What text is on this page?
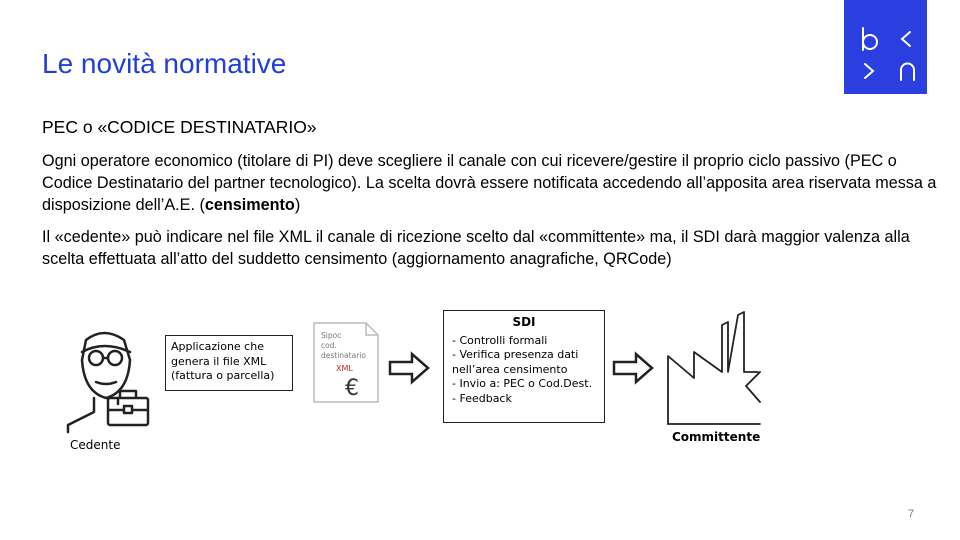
Le novità normative
PEC o «CODICE DESTINATARIO»
Ogni operatore economico (titolare di PI) deve scegliere il canale con cui ricevere/gestire il proprio ciclo passivo (PEC o Codice Destinatario del partner tecnologico). La scelta dovrà essere notificata accedendo all’apposita area riservata messa a disposizione dell’A.E. (censimento)
Il «cedente» può indicare nel file XML il canale di ricezione scelto dal «committente» ma, il SDI darà maggior valenza alla scelta effettuata all’atto del suddetto censimento (aggiornamento anagrafiche, QRCode)
Sipoc
cod.
destinatario
XML
€
Applicazione che
genera il file XML
(fattura o parcella)
SDI
- Controlli formali
- Verifica presenza dati
nell’area censimento
- Invio a: PEC o Cod.Dest.
- Feedback
Cedente
Committente
7
